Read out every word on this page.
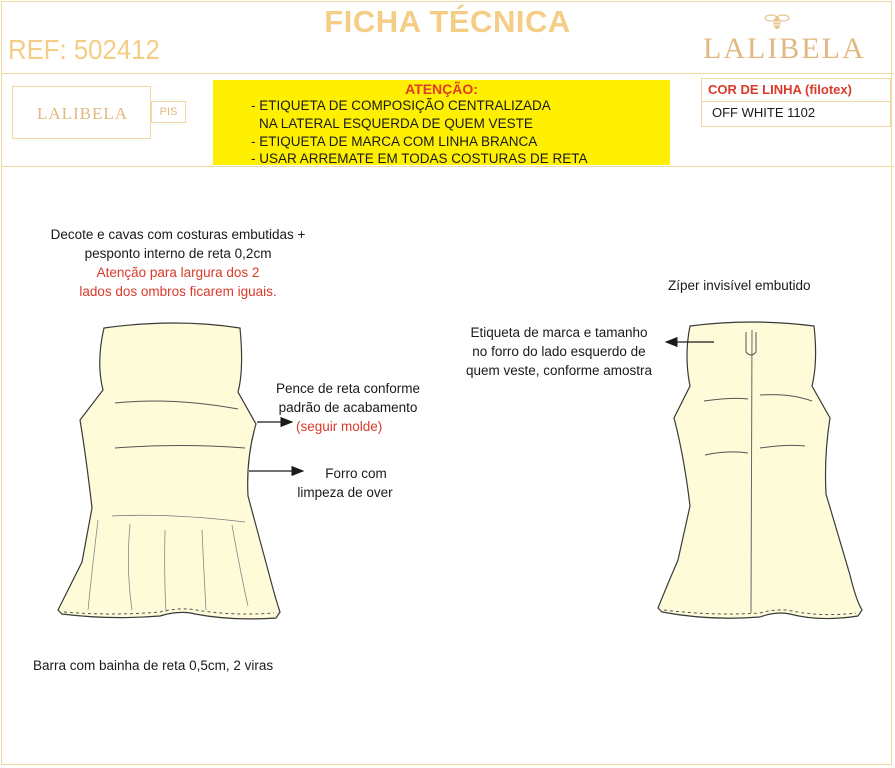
FICHA TÉCNICA
REF: 502412	LALIBELA
LALIBELA	PIS
ATENÇÃO:
- ETIQUETA DE COMPOSIÇÃO CENTRALIZADA
NA LATERAL ESQUERDA DE QUEM VESTE
- ETIQUETA DE MARCA COM LINHA BRANCA
- USAR ARREMATE EM TODAS COSTURAS DE RETA
COR DE LINHA (filotex)
OFF WHITE 1102
Decote e cavas com costuras embutidas +
pesponto interno de reta 0,2cm
Atenção para largura dos 2
lados dos ombros ficarem iguais.
Pence de reta conforme
padrão de acabamento
(seguir molde)
Forro com
limpeza de over
Barra com bainha de reta 0,5cm, 2 viras
Zíper invisível embutido
Etiqueta de marca e tamanho
no forro do lado esquerdo de
quem veste, conforme amostra
